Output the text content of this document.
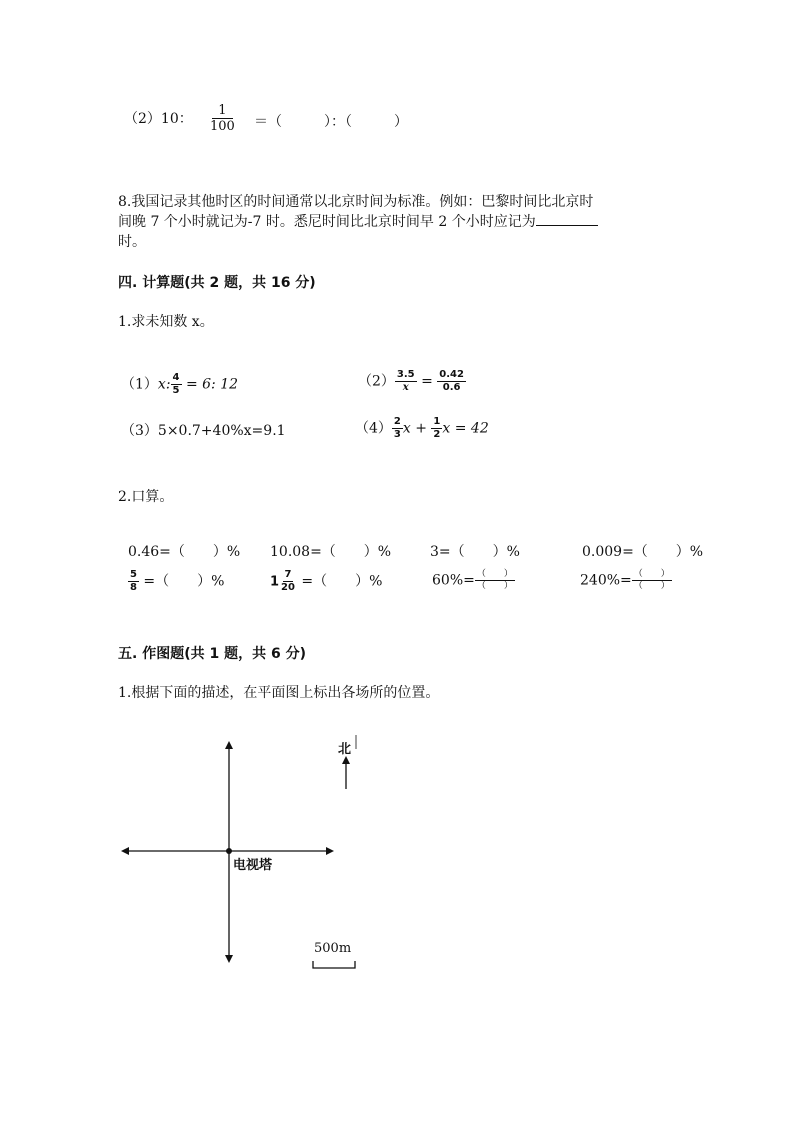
（2）10： $\frac{1}{100}$ ＝（　　　）：（　　　）
8.我国记录其他时区的时间通常以北京时间为标准。例如：巴黎时间比北京时
间晚 7 个小时就记为-7 时。悉尼时间比北京时间早 2 个小时应记为
时。
四. 计算题(共 2 题，共 16 分)
1.求未知数 x。
（1）x: $\frac{4}{5} = 6$: 12	$(2) \frac{3.5}{x} = \frac{0.42}{0.6}$
（3）5×0.7+40%x=9.1	$(4) \frac{2}{3}$ $x + \frac{1}{2}$ x = 42
2.口算。
0.46=（　　）% 10.08=（　　）%	3=（　　）%	0.009=（　　）%
$\frac{5}{8}$ =（　　）%	$1 \frac{7}{20}$ =（　　）%	$60\%= \frac{( )}{( )}$	$240\%= \frac{( )}{( )}$
五. 作图题(共 1 题，共 6 分)
1.根据下面的描述，在平面图上标出各场所的位置。
北
电视塔
500m
